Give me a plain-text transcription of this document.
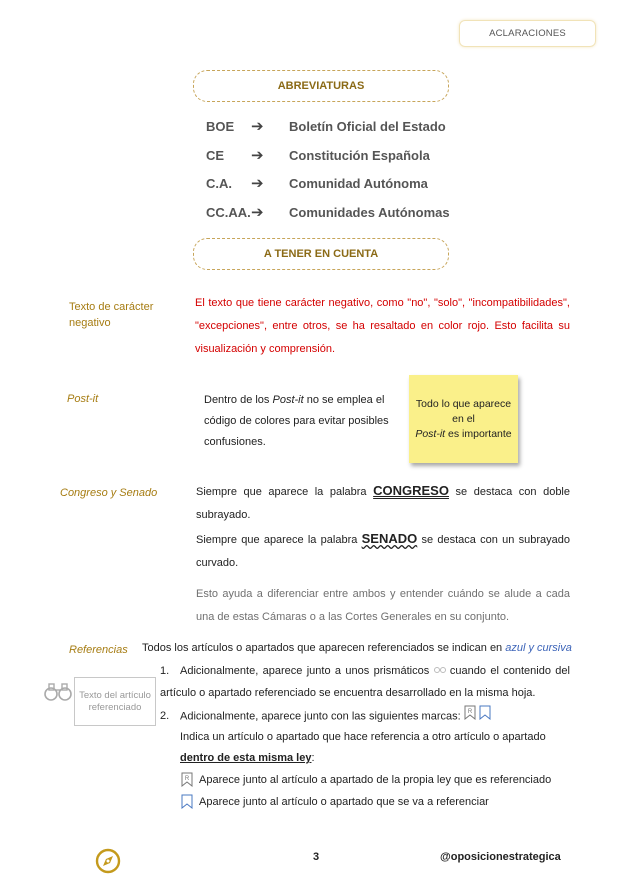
ACLARACIONES
ABREVIATURAS
BOE	➔	Boletín Oficial del Estado
CE	➔	Constitución Española
C.A.	➔	Comunidad Autónoma
CC.AA. ➔	Comunidades Autónomas
A TENER EN CUENTA
Texto de carácter negativo
El texto que tiene carácter negativo, como "no", "solo", "incompatibilidades", "excepciones", entre otros, se ha resaltado en color rojo. Esto facilita su visualización y comprensión.
Post-it	Dentro de los Post-it no se emplea el código de colores para evitar posibles confusiones.
Todo lo que aparece en el
Post-it es importante
Congreso y Senado	Siempre que aparece la palabra CONGRESO se destaca con doble subrayado.
Siempre que aparece la palabra SENADO se destaca con un subrayado curvado.
Esto ayuda a diferenciar entre ambos y entender cuándo se alude a cada una de estas Cámaras o a las Cortes Generales en su conjunto.
Referencias Todos los artículos o apartados que aparecen referenciados se indican en azul y cursiva
Texto del artículo referenciado
1. Adicionalmente, aparece junto a unos prismáticos  cuando el contenido del artículo o apartado referenciado se encuentra desarrollado en la misma hoja.
2. Adicionalmente, aparece junto con las siguientes marcas: R

Indica un artículo o apartado que hace referencia a otro artículo o apartado
dentro de esta misma ley:
R Aparece junto al artículo a apartado de la propia ley que es referenciado
Aparece junto al artículo o apartado que se va a referenciar
3	@oposicionestrategica
